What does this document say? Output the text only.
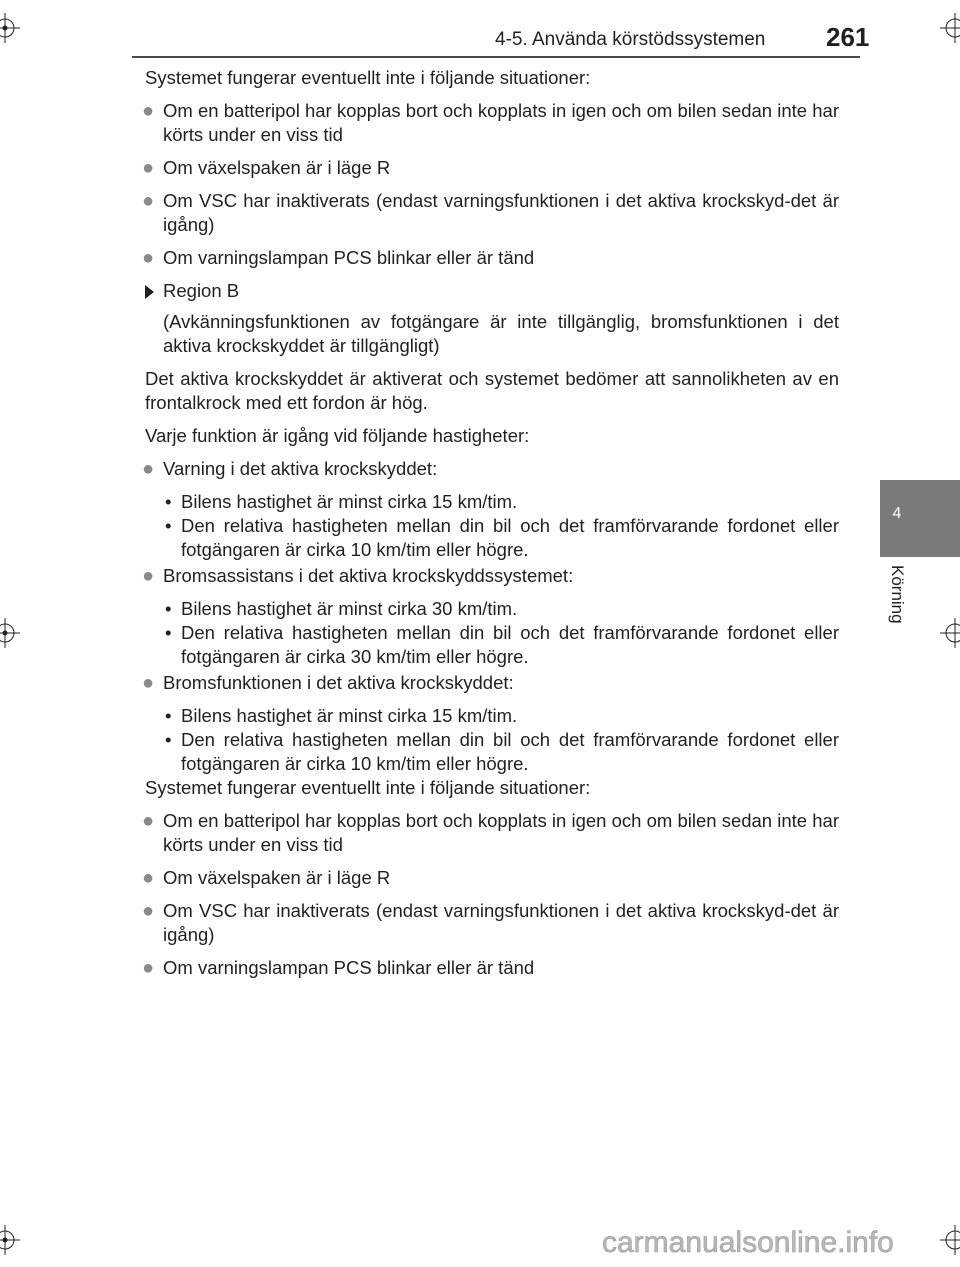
4-5. Använda körstödssystemen 261
4
Körning

Systemet fungerar eventuellt inte i följande situationer:

● Om en batteripol har kopplas bort och kopplats in igen och om bilen sedan inte har körts under en viss tid
● Om växelspaken är i läge R
● Om VSC har inaktiverats (endast varningsfunktionen i det aktiva krockskyd-det är igång)
● Om varningslampan PCS blinkar eller är tänd
Region B

(Avkänningsfunktionen av fotgängare är inte tillgänglig, bromsfunktionen i det aktiva krockskyddet är tillgängligt)

Det aktiva krockskyddet är aktiverat och systemet bedömer att sannolikheten av en frontalkrock med ett fordon är hög.

Varje funktion är igång vid följande hastigheter:

● Varning i det aktiva krockskyddet:
• Bilens hastighet är minst cirka 15 km/tim.
• Den relativa hastigheten mellan din bil och det framförvarande fordonet eller fotgängaren är cirka 10 km/tim eller högre.
● Bromsassistans i det aktiva krockskyddssystemet:
• Bilens hastighet är minst cirka 30 km/tim.
• Den relativa hastigheten mellan din bil och det framförvarande fordonet eller fotgängaren är cirka 30 km/tim eller högre.
● Bromsfunktionen i det aktiva krockskyddet:
• Bilens hastighet är minst cirka 15 km/tim.
• Den relativa hastigheten mellan din bil och det framförvarande fordonet eller fotgängaren är cirka 10 km/tim eller högre.

Systemet fungerar eventuellt inte i följande situationer:

● Om en batteripol har kopplas bort och kopplats in igen och om bilen sedan inte har körts under en viss tid
● Om växelspaken är i läge R
● Om VSC har inaktiverats (endast varningsfunktionen i det aktiva krockskyd-det är igång)
● Om varningslampan PCS blinkar eller är tänd
carmanualsonline.info
